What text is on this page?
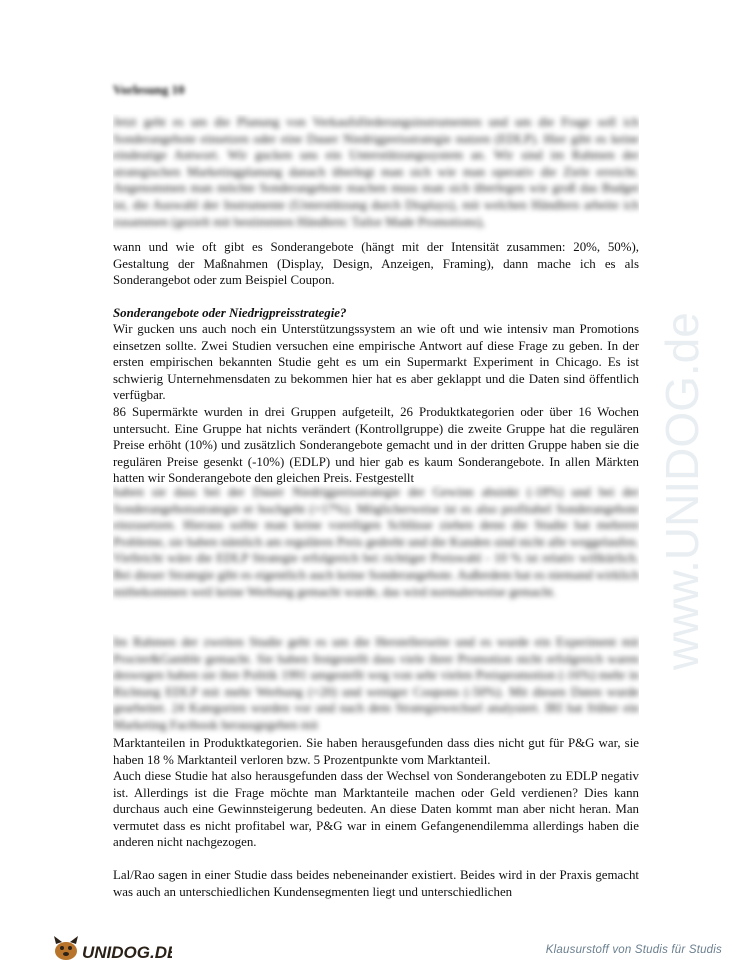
Vorlesung 10

Jetzt geht es um die Planung von Verkaufsförderungsinstrumenten und um die Frage soll ich Sonderangebote einsetzen oder eine Dauer Niedrigpreisstrategie nutzen (EDLP). Hier gibt es keine eindeutige Antwort. Wir gucken uns ein Unterstützungssystem an. Wir sind im Rahmen der strategischen Marketingplanung danach überlegt man sich wie man operativ die Ziele erreicht. Angenommen man möchte Sonderangebote machen muss man sich überlegen wie groß das Budget ist, die Auswahl der Instrumente (Unterstützung durch Displays), mit welchen Händlern arbeite ich zusammen (gezielt mit bestimmten Händlern: Tailor Made Promotions),

wann und wie oft gibt es Sonderangebote (hängt mit der Intensität zusammen: 20%, 50%), Gestaltung der Maßnahmen (Display, Design, Anzeigen, Framing), dann mache ich es als Sonderangebot oder zum Beispiel Coupon.

Sonderangebote oder Niedrigpreisstrategie?

Wir gucken uns auch noch ein Unterstützungssystem an wie oft und wie intensiv man Promotions einsetzen sollte. Zwei Studien versuchen eine empirische Antwort auf diese Frage zu geben. In der ersten empirischen bekannten Studie geht es um ein Supermarkt Experiment in Chicago. Es ist schwierig Unternehmensdaten zu bekommen hier hat es aber geklappt und die Daten sind öffentlich verfügbar.

86 Supermärkte wurden in drei Gruppen aufgeteilt, 26 Produktkategorien oder über 16 Wochen untersucht. Eine Gruppe hat nichts verändert (Kontrollgruppe) die zweite Gruppe hat die regulären Preise erhöht (10%) und zusätzlich Sonderangebote gemacht und in der dritten Gruppe haben sie die regulären Preise gesenkt (-10%) (EDLP) und hier gab es kaum Sonderangebote. In allen Märkten hatten wir Sonderangebote den gleichen Preis. Festgestellt

haben sie dass bei der Dauer Niedrigpreisstrategie der Gewinn absinkt (-18%) und bei der Sonderangebotsstrategie er hochgeht (+17%). Möglicherweise ist es also profitabel Sonderangebote einzusetzen. Hieraus sollte man keine voreiligen Schlüsse ziehen denn die Studie hat mehrere Probleme, sie haben nämlich am regulären Preis gedreht und die Kunden sind nicht alle weggelaufen. Vielleicht wäre die EDLP Strategie erfolgreich bei richtiger Preiswahl - 10 % ist relativ willkürlich. Bei dieser Strategie gibt es eigentlich auch keine Sonderangebote. Außerdem hat es niemand wirklich mitbekommen weil keine Werbung gemacht wurde, das wird normalerweise gemacht.

Im Rahmen der zweiten Studie geht es um die Herstellerseite und es wurde ein Experiment mit Procter&Gamble gemacht. Sie haben festgestellt dass viele ihrer Promotion nicht erfolgreich waren deswegen haben sie ihre Politik 1991 umgestellt weg von sehr vielen Preispromotion (-16%) mehr in Richtung EDLP mit mehr Werbung (+20) und weniger Coupons (-50%). Mit diesen Daten wurde gearbeitet. 24 Kategorien wurden vor und nach dem Strategiewechsel analysiert. IRI hat früher ein Marketing Factbook herausgegeben mit

Marktanteilen in Produktkategorien. Sie haben herausgefunden dass dies nicht gut für P&G war, sie haben 18 % Marktanteil verloren bzw. 5 Prozentpunkte vom Marktanteil.

Auch diese Studie hat also herausgefunden dass der Wechsel von Sonderangeboten zu EDLP negativ ist. Allerdings ist die Frage möchte man Marktanteile machen oder Geld verdienen? Dies kann durchaus auch eine Gewinnsteigerung bedeuten. An diese Daten kommt man aber nicht heran. Man vermutet dass es nicht profitabel war, P&G war in einem Gefangenendilemma allerdings haben die anderen nicht nachgezogen.

Lal/Rao sagen in einer Studie dass beides nebeneinander existiert. Beides wird in der Praxis gemacht was auch an unterschiedlichen Kundensegmenten liegt und unterschiedlichen

www.UNIDOG.de
UNIDOG.DE	Klausurstoff von Studis für Studis
